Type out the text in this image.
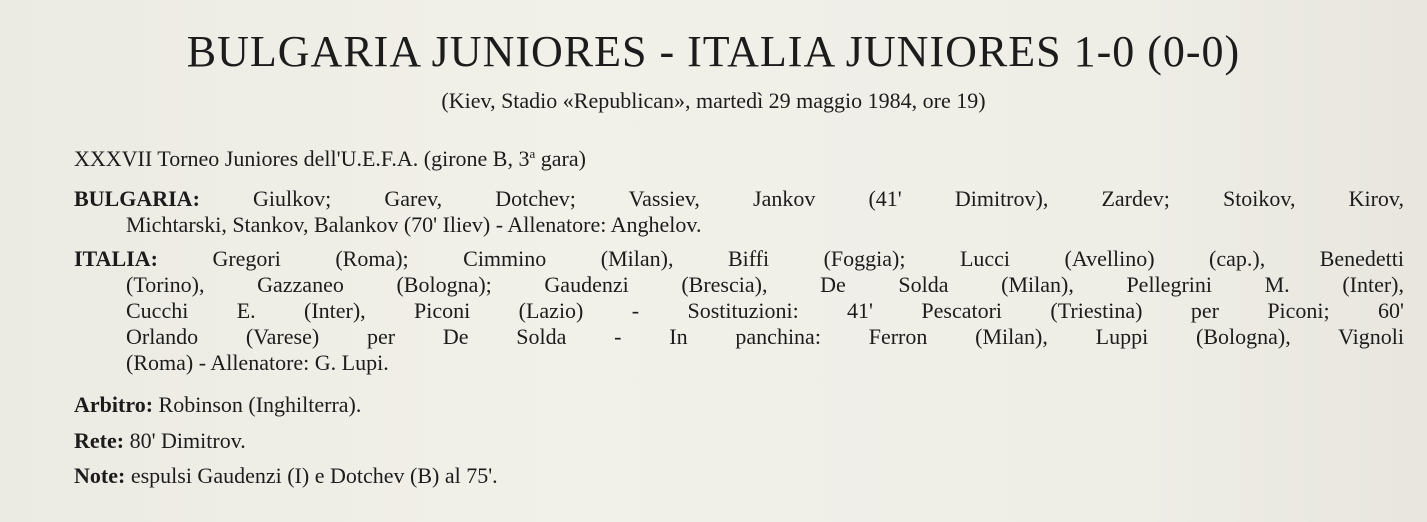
BULGARIA JUNIORES - ITALIA JUNIORES 1-0 (0-0)
(Kiev, Stadio «Republican», martedì 29 maggio 1984, ore 19)
XXXVII Torneo Juniores dell'U.E.F.A. (girone B, 3$^a$ gara)
BULGARIA: Giulkov; Garev, Dotchev; Vassiev, Jankov (41' Dimitrov), Zardev; Stoikov, Kirov,
Michtarski, Stankov, Balankov (70' Iliev) - Allenatore: Anghelov.
ITALIA: Gregori (Roma); Cimmino (Milan), Biffi (Foggia); Lucci (Avellino) (cap.), Benedetti
(Torino), Gazzaneo (Bologna); Gaudenzi (Brescia), De Solda (Milan), Pellegrini M. (Inter),
Cucchi E. (Inter), Piconi (Lazio) - Sostituzioni: 41' Pescatori (Triestina) per Piconi; 60'
Orlando (Varese) per De Solda - In panchina: Ferron (Milan), Luppi (Bologna), Vignoli
(Roma) - Allenatore: G. Lupi.
Arbitro: Robinson (Inghilterra).
Rete: 80' Dimitrov.
Note: espulsi Gaudenzi (I) e Dotchev (B) al 75'.
